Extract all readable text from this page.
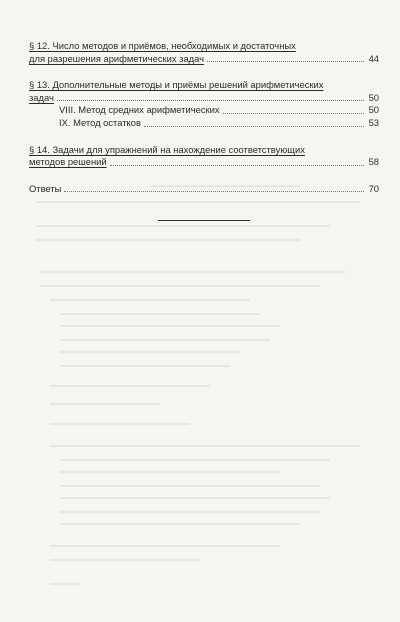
§ 12. Число методов и приёмов, необходимых и достаточных
для разрешения арифметических задач	44
§ 13. Дополнительные методы и приёмы решений арифметических
задач	50
VIII. Метод средних арифметических	50
IX. Метод остатков	53
§ 14. Задачи для упражнений на нахождение соответствующих
методов решений	58
Ответы	70
